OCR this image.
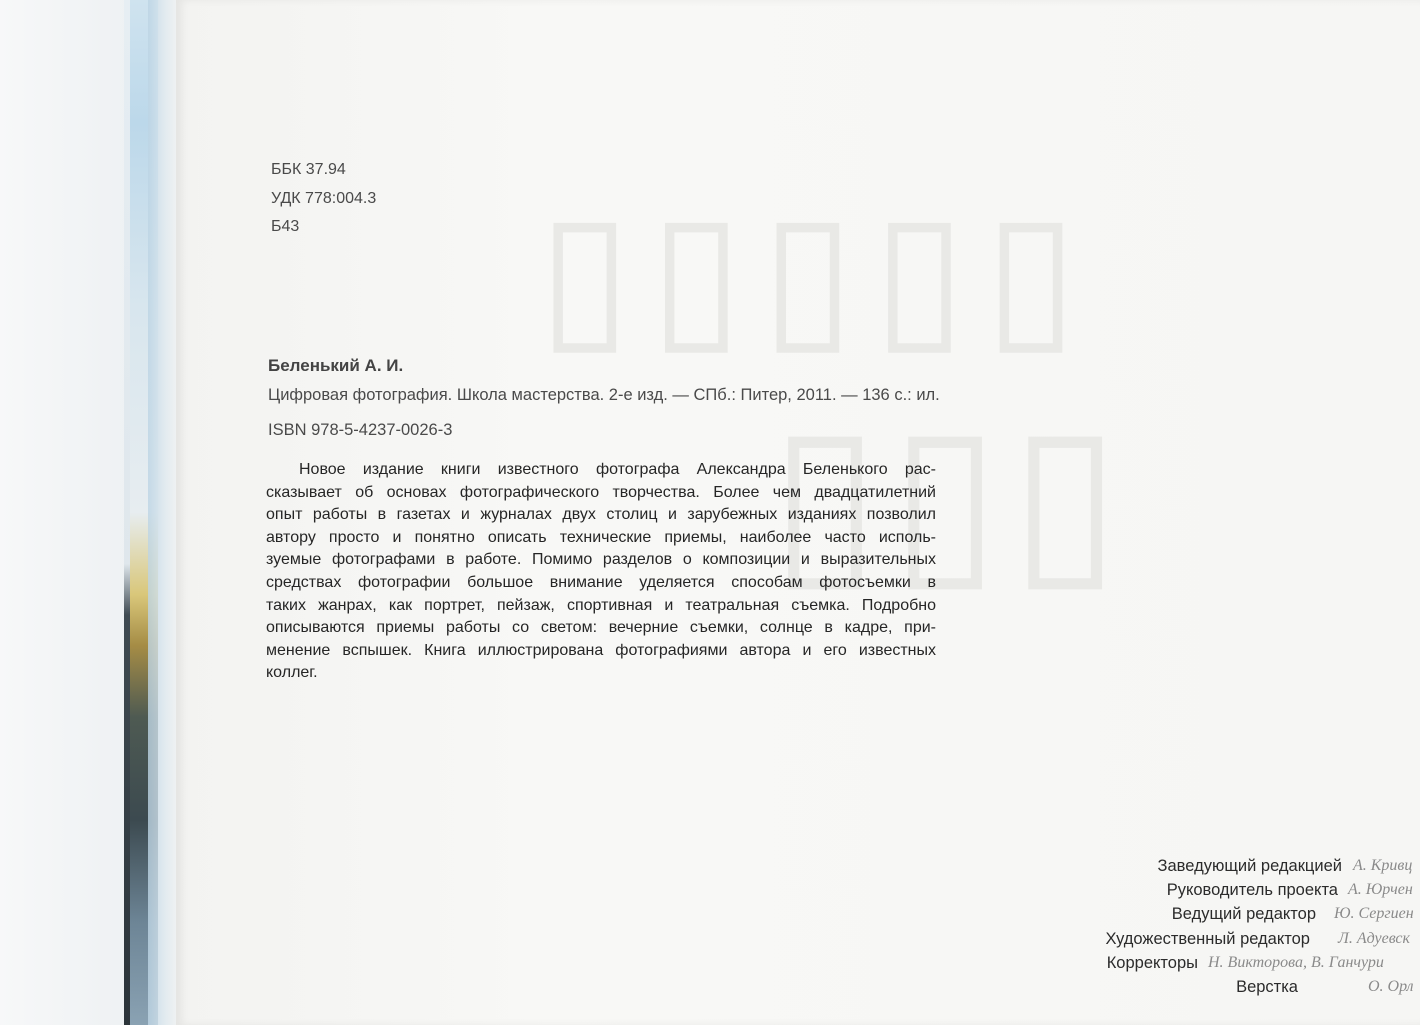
▯▯▯▯▯
▯▯▯
ББК 37.94
УДК 778:004.3
Б43
Беленький А. И.
Цифровая фотография. Школа мастерства. 2-е изд. — СПб.: Питер, 2011. — 136 с.: ил.
ISBN 978-5-4237-0026-3
Новое издание книги известного фотографа Александра Беленького рас-
сказывает об основах фотографического творчества. Более чем двадцатилетний
опыт работы в газетах и журналах двух столиц и зарубежных изданиях позволил
автору просто и понятно описать технические приемы, наиболее часто исполь-
зуемые фотографами в работе. Помимо разделов о композиции и выразительных
средствах фотографии большое внимание уделяется способам фотосъемки в
таких жанрах, как портрет, пейзаж, спортивная и театральная съемка. Подробно
описываются приемы работы со светом: вечерние съемки, солнце в кадре, при-
менение вспышек. Книга иллюстрирована фотографиями автора и его известных
коллег.
Заведующий редакцией А. Кривц
Руководитель проекта А. Юрчен
Ведущий редактор Ю. Сергиен
Художественный редактор Л. Адуевск
Корректоры Н. Викторова, В. Ганчури
Верстка	О. Орл
